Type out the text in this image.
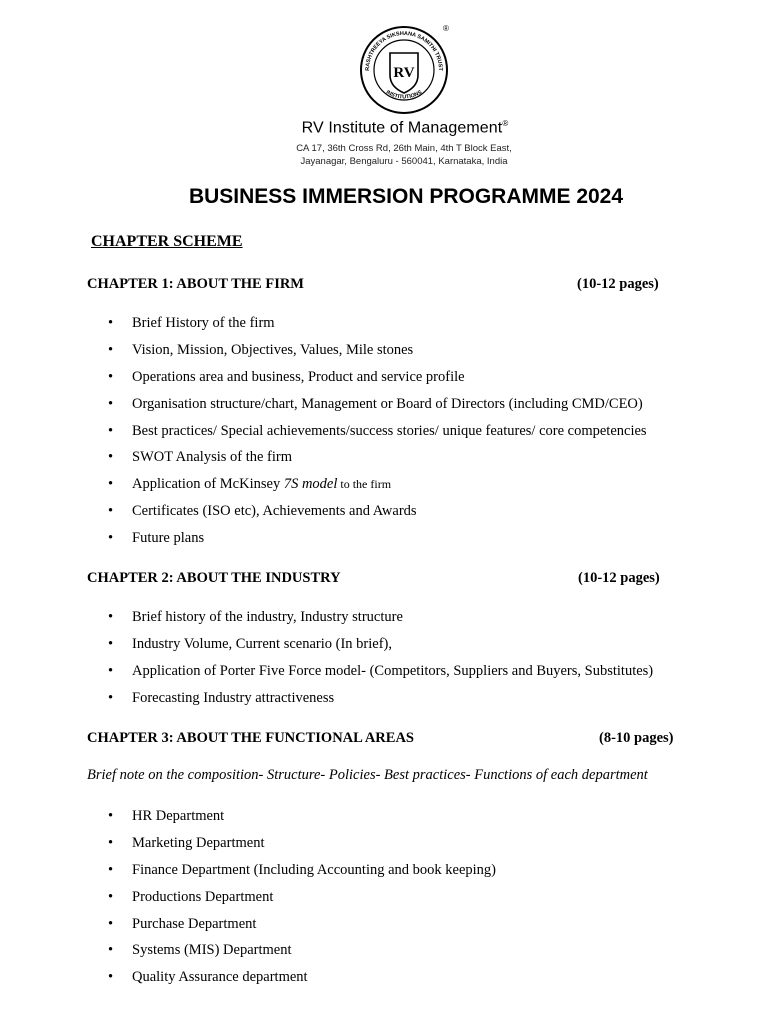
RV
RASHTREEYA SIKSHANA SAMITHI TRUST
INSTITUTIONS
®
RV Institute of Management®
CA 17, 36th Cross Rd, 26th Main, 4th T Block East,
Jayanagar, Bengaluru - 560041, Karnataka, India
BUSINESS IMMERSION PROGRAMME 2024
CHAPTER SCHEME
CHAPTER 1: ABOUT THE FIRM	(10-12 pages)
• Brief History of the firm
• Vision, Mission, Objectives, Values, Mile stones
• Operations area and business, Product and service profile
• Organisation structure/chart, Management or Board of Directors (including CMD/CEO)
• Best practices/ Special achievements/success stories/ unique features/ core competencies
• SWOT Analysis of the firm
• Application of McKinsey 7S model to the firm
• Certificates (ISO etc), Achievements and Awards
• Future plans
CHAPTER 2: ABOUT THE INDUSTRY	(10-12 pages)
• Brief history of the industry, Industry structure
• Industry Volume, Current scenario (In brief),
• Application of Porter Five Force model- (Competitors, Suppliers and Buyers, Substitutes)
• Forecasting Industry attractiveness
CHAPTER 3: ABOUT THE FUNCTIONAL AREAS	(8-10 pages)
Brief note on the composition- Structure- Policies- Best practices- Functions of each department
• HR Department
• Marketing Department
• Finance Department (Including Accounting and book keeping)
• Productions Department
• Purchase Department
• Systems (MIS) Department
• Quality Assurance department
